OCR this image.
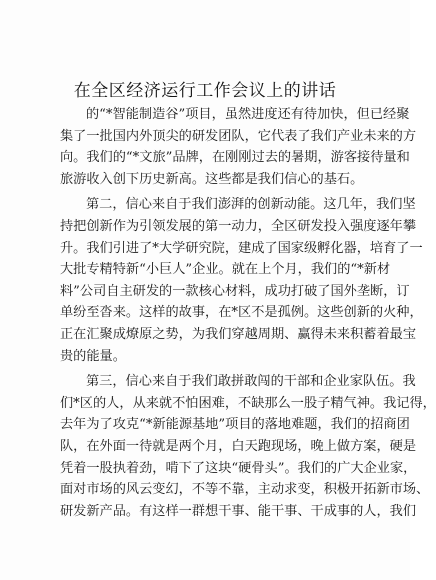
在全区经济运行工作会议上的讲话
的“*智能制造谷”项目，虽然进度还有待加快，但已经聚
集了一批国内外顶尖的研发团队，它代表了我们产业未来的方
向。我们的“*文旅”品牌，在刚刚过去的暑期，游客接待量和
旅游收入创下历史新高。这些都是我们信心的基石。
第二，信心来自于我们澎湃的创新动能。这几年，我们坚
持把创新作为引领发展的第一动力，全区研发投入强度逐年攀
升。我们引进了*大学研究院，建成了国家级孵化器，培育了一
大批专精特新“小巨人”企业。就在上个月，我们的“*新材
料”公司自主研发的一款核心材料，成功打破了国外垄断，订
单纷至沓来。这样的故事，在*区不是孤例。这些创新的火种，
正在汇聚成燎原之势，为我们穿越周期、赢得未来积蓄着最宝
贵的能量。
第三，信心来自于我们敢拼敢闯的干部和企业家队伍。我
们*区的人，从来就不怕困难，不缺那么一股子精气神。我记得，
去年为了攻克“*新能源基地”项目的落地难题，我们的招商团
队，在外面一待就是两个月，白天跑现场，晚上做方案，硬是
凭着一股执着劲，啃下了这块“硬骨头”。我们的广大企业家，
面对市场的风云变幻，不等不靠，主动求变，积极开拓新市场、
研发新产品。有这样一群想干事、能干事、干成事的人，我们
